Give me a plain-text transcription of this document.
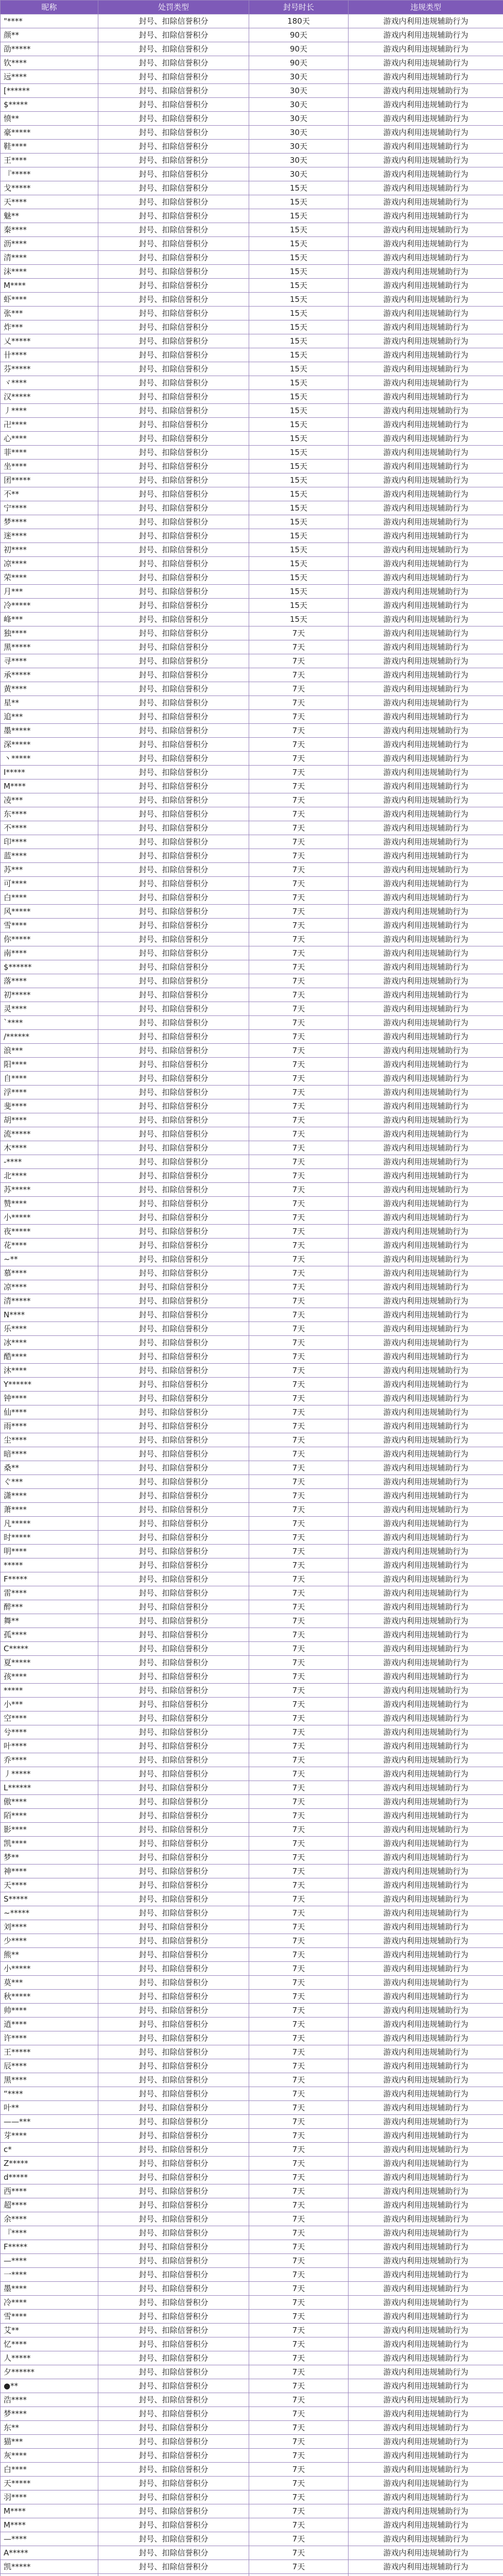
昵称	处罚类型	封号时长	违规类型
"****	封号、扣除信誉积分	180天	游戏内利用违规辅助行为
颜**	封号、扣除信誉积分	90天	游戏内利用违规辅助行为
劭*****	封号、扣除信誉积分	90天	游戏内利用违规辅助行为
钦****	封号、扣除信誉积分	90天	游戏内利用违规辅助行为
远****	封号、扣除信誉积分	30天	游戏内利用违规辅助行为
[******	封号、扣除信誉积分	30天	游戏内利用违规辅助行为
$*****	封号、扣除信誉积分	30天	游戏内利用违规辅助行为
愤**	封号、扣除信誉积分	30天	游戏内利用违规辅助行为
豪*****	封号、扣除信誉积分	30天	游戏内利用违规辅助行为
鞋****	封号、扣除信誉积分	30天	游戏内利用违规辅助行为
王****	封号、扣除信誉积分	30天	游戏内利用违规辅助行为
『*****	封号、扣除信誉积分	30天	游戏内利用违规辅助行为
戈*****	封号、扣除信誉积分	15天	游戏内利用违规辅助行为
天****	封号、扣除信誉积分	15天	游戏内利用违规辅助行为
魅**	封号、扣除信誉积分	15天	游戏内利用违规辅助行为
秦****	封号、扣除信誉积分	15天	游戏内利用违规辅助行为
沥****	封号、扣除信誉积分	15天	游戏内利用违规辅助行为
清****	封号、扣除信誉积分	15天	游戏内利用违规辅助行为
沫****	封号、扣除信誉积分	15天	游戏内利用违规辅助行为
M****	封号、扣除信誉积分	15天	游戏内利用违规辅助行为
虾****	封号、扣除信誉积分	15天	游戏内利用违规辅助行为
张***	封号、扣除信誉积分	15天	游戏内利用违规辅助行为
炸***	封号、扣除信誉积分	15天	游戏内利用违规辅助行为
乂*****	封号、扣除信誉积分	15天	游戏内利用违规辅助行为
卄****	封号、扣除信誉积分	15天	游戏内利用违规辅助行为
芬*****	封号、扣除信誉积分	15天	游戏内利用违规辅助行为
ヾ****	封号、扣除信誉积分	15天	游戏内利用违规辅助行为
汉*****	封号、扣除信誉积分	15天	游戏内利用违规辅助行为
丿****	封号、扣除信誉积分	15天	游戏内利用违规辅助行为
卍****	封号、扣除信誉积分	15天	游戏内利用违规辅助行为
心****	封号、扣除信誉积分	15天	游戏内利用违规辅助行为
菲****	封号、扣除信誉积分	15天	游戏内利用违规辅助行为
坐****	封号、扣除信誉积分	15天	游戏内利用违规辅助行为
团*****	封号、扣除信誉积分	15天	游戏内利用违规辅助行为
不**	封号、扣除信誉积分	15天	游戏内利用违规辅助行为
宁****	封号、扣除信誉积分	15天	游戏内利用违规辅助行为
梦****	封号、扣除信誉积分	15天	游戏内利用违规辅助行为
迷****	封号、扣除信誉积分	15天	游戏内利用违规辅助行为
初****	封号、扣除信誉积分	15天	游戏内利用违规辅助行为
凉****	封号、扣除信誉积分	15天	游戏内利用违规辅助行为
荣****	封号、扣除信誉积分	15天	游戏内利用违规辅助行为
月***	封号、扣除信誉积分	15天	游戏内利用违规辅助行为
冷*****	封号、扣除信誉积分	15天	游戏内利用违规辅助行为
峰***	封号、扣除信誉积分	15天	游戏内利用违规辅助行为
独****	封号、扣除信誉积分	7天	游戏内利用违规辅助行为
黑*****	封号、扣除信誉积分	7天	游戏内利用违规辅助行为
寻****	封号、扣除信誉积分	7天	游戏内利用违规辅助行为
承*****	封号、扣除信誉积分	7天	游戏内利用违规辅助行为
黄****	封号、扣除信誉积分	7天	游戏内利用违规辅助行为
星**	封号、扣除信誉积分	7天	游戏内利用违规辅助行为
追***	封号、扣除信誉积分	7天	游戏内利用违规辅助行为
墨*****	封号、扣除信誉积分	7天	游戏内利用违规辅助行为
深*****	封号、扣除信誉积分	7天	游戏内利用违规辅助行为
丶*****	封号、扣除信誉积分	7天	游戏内利用违规辅助行为
I*****	封号、扣除信誉积分	7天	游戏内利用违规辅助行为
M****	封号、扣除信誉积分	7天	游戏内利用违规辅助行为
凌***	封号、扣除信誉积分	7天	游戏内利用违规辅助行为
东****	封号、扣除信誉积分	7天	游戏内利用违规辅助行为
不****	封号、扣除信誉积分	7天	游戏内利用违规辅助行为
印****	封号、扣除信誉积分	7天	游戏内利用违规辅助行为
蓝****	封号、扣除信誉积分	7天	游戏内利用违规辅助行为
苏***	封号、扣除信誉积分	7天	游戏内利用违规辅助行为
可****	封号、扣除信誉积分	7天	游戏内利用违规辅助行为
白****	封号、扣除信誉积分	7天	游戏内利用违规辅助行为
风*****	封号、扣除信誉积分	7天	游戏内利用违规辅助行为
雪****	封号、扣除信誉积分	7天	游戏内利用违规辅助行为
你*****	封号、扣除信誉积分	7天	游戏内利用违规辅助行为
南****	封号、扣除信誉积分	7天	游戏内利用违规辅助行为
$******	封号、扣除信誉积分	7天	游戏内利用违规辅助行为
落****	封号、扣除信誉积分	7天	游戏内利用违规辅助行为
初*****	封号、扣除信誉积分	7天	游戏内利用违规辅助行为
灵****	封号、扣除信誉积分	7天	游戏内利用违规辅助行为
`****	封号、扣除信誉积分	7天	游戏内利用违规辅助行为
/******	封号、扣除信誉积分	7天	游戏内利用违规辅助行为
浪***	封号、扣除信誉积分	7天	游戏内利用违规辅助行为
阳****	封号、扣除信誉积分	7天	游戏内利用违规辅助行为
自****	封号、扣除信誉积分	7天	游戏内利用违规辅助行为
浮****	封号、扣除信誉积分	7天	游戏内利用违规辅助行为
斐****	封号、扣除信誉积分	7天	游戏内利用违规辅助行为
胡****	封号、扣除信誉积分	7天	游戏内利用违规辅助行为
流*****	封号、扣除信誉积分	7天	游戏内利用违规辅助行为
木****	封号、扣除信誉积分	7天	游戏内利用违规辅助行为
-****	封号、扣除信誉积分	7天	游戏内利用违规辅助行为
北****	封号、扣除信誉积分	7天	游戏内利用违规辅助行为
苏*****	封号、扣除信誉积分	7天	游戏内利用违规辅助行为
赞****	封号、扣除信誉积分	7天	游戏内利用违规辅助行为
小*****	封号、扣除信誉积分	7天	游戏内利用违规辅助行为
夜*****	封号、扣除信誉积分	7天	游戏内利用违规辅助行为
花****	封号、扣除信誉积分	7天	游戏内利用违规辅助行为
~**	封号、扣除信誉积分	7天	游戏内利用违规辅助行为
慕****	封号、扣除信誉积分	7天	游戏内利用违规辅助行为
凉****	封号、扣除信誉积分	7天	游戏内利用违规辅助行为
清*****	封号、扣除信誉积分	7天	游戏内利用违规辅助行为
N****	封号、扣除信誉积分	7天	游戏内利用违规辅助行为
乐****	封号、扣除信誉积分	7天	游戏内利用违规辅助行为
冰****	封号、扣除信誉积分	7天	游戏内利用违规辅助行为
酷****	封号、扣除信誉积分	7天	游戏内利用违规辅助行为
沐****	封号、扣除信誉积分	7天	游戏内利用违规辅助行为
Y******	封号、扣除信誉积分	7天	游戏内利用违规辅助行为
钟****	封号、扣除信誉积分	7天	游戏内利用违规辅助行为
仙****	封号、扣除信誉积分	7天	游戏内利用违规辅助行为
雨****	封号、扣除信誉积分	7天	游戏内利用违规辅助行为
尘****	封号、扣除信誉积分	7天	游戏内利用违规辅助行为
暗****	封号、扣除信誉积分	7天	游戏内利用违规辅助行为
桑**	封号、扣除信誉积分	7天	游戏内利用违规辅助行为
ぐ***	封号、扣除信誉积分	7天	游戏内利用违规辅助行为
潇****	封号、扣除信誉积分	7天	游戏内利用违规辅助行为
萧****	封号、扣除信誉积分	7天	游戏内利用违规辅助行为
凡*****	封号、扣除信誉积分	7天	游戏内利用违规辅助行为
时*****	封号、扣除信誉积分	7天	游戏内利用违规辅助行为
明****	封号、扣除信誉积分	7天	游戏内利用违规辅助行为
*****	封号、扣除信誉积分	7天	游戏内利用违规辅助行为
F*****	封号、扣除信誉积分	7天	游戏内利用违规辅助行为
雷****	封号、扣除信誉积分	7天	游戏内利用违规辅助行为
醉***	封号、扣除信誉积分	7天	游戏内利用违规辅助行为
舞**	封号、扣除信誉积分	7天	游戏内利用违规辅助行为
孤****	封号、扣除信誉积分	7天	游戏内利用违规辅助行为
C*****	封号、扣除信誉积分	7天	游戏内利用违规辅助行为
夏*****	封号、扣除信誉积分	7天	游戏内利用违规辅助行为
孩****	封号、扣除信誉积分	7天	游戏内利用违规辅助行为
*****	封号、扣除信誉积分	7天	游戏内利用违规辅助行为
小***	封号、扣除信誉积分	7天	游戏内利用违规辅助行为
空****	封号、扣除信誉积分	7天	游戏内利用违规辅助行为
兮****	封号、扣除信誉积分	7天	游戏内利用违规辅助行为
叶****	封号、扣除信誉积分	7天	游戏内利用违规辅助行为
乔****	封号、扣除信誉积分	7天	游戏内利用违规辅助行为
丿*****	封号、扣除信誉积分	7天	游戏内利用违规辅助行为
L******	封号、扣除信誉积分	7天	游戏内利用违规辅助行为
傲****	封号、扣除信誉积分	7天	游戏内利用违规辅助行为
陌****	封号、扣除信誉积分	7天	游戏内利用违规辅助行为
影****	封号、扣除信誉积分	7天	游戏内利用违规辅助行为
凯****	封号、扣除信誉积分	7天	游戏内利用违规辅助行为
梦**	封号、扣除信誉积分	7天	游戏内利用违规辅助行为
神****	封号、扣除信誉积分	7天	游戏内利用违规辅助行为
天****	封号、扣除信誉积分	7天	游戏内利用违规辅助行为
S*****	封号、扣除信誉积分	7天	游戏内利用违规辅助行为
~*****	封号、扣除信誉积分	7天	游戏内利用违规辅助行为
刘****	封号、扣除信誉积分	7天	游戏内利用违规辅助行为
少****	封号、扣除信誉积分	7天	游戏内利用违规辅助行为
熊**	封号、扣除信誉积分	7天	游戏内利用违规辅助行为
小*****	封号、扣除信誉积分	7天	游戏内利用违规辅助行为
莫***	封号、扣除信誉积分	7天	游戏内利用违规辅助行为
秋*****	封号、扣除信誉积分	7天	游戏内利用违规辅助行为
帅****	封号、扣除信誉积分	7天	游戏内利用违规辅助行为
逍****	封号、扣除信誉积分	7天	游戏内利用违规辅助行为
许****	封号、扣除信誉积分	7天	游戏内利用违规辅助行为
王*****	封号、扣除信誉积分	7天	游戏内利用违规辅助行为
辰****	封号、扣除信誉积分	7天	游戏内利用违规辅助行为
黑****	封号、扣除信誉积分	7天	游戏内利用违规辅助行为
“****	封号、扣除信誉积分	7天	游戏内利用违规辅助行为
叶**	封号、扣除信誉积分	7天	游戏内利用违规辅助行为
——***	封号、扣除信誉积分	7天	游戏内利用违规辅助行为
芽****	封号、扣除信誉积分	7天	游戏内利用违规辅助行为
c*	封号、扣除信誉积分	7天	游戏内利用违规辅助行为
Z*****	封号、扣除信誉积分	7天	游戏内利用违规辅助行为
d*****	封号、扣除信誉积分	7天	游戏内利用违规辅助行为
西****	封号、扣除信誉积分	7天	游戏内利用违规辅助行为
超****	封号、扣除信誉积分	7天	游戏内利用违规辅助行为
余****	封号、扣除信誉积分	7天	游戏内利用违规辅助行为
『****	封号、扣除信誉积分	7天	游戏内利用违规辅助行为
F*****	封号、扣除信誉积分	7天	游戏内利用违规辅助行为
—****	封号、扣除信誉积分	7天	游戏内利用违规辅助行为
一****	封号、扣除信誉积分	7天	游戏内利用违规辅助行为
墨****	封号、扣除信誉积分	7天	游戏内利用违规辅助行为
冷****	封号、扣除信誉积分	7天	游戏内利用违规辅助行为
雪****	封号、扣除信誉积分	7天	游戏内利用违规辅助行为
艾**	封号、扣除信誉积分	7天	游戏内利用违规辅助行为
忆****	封号、扣除信誉积分	7天	游戏内利用违规辅助行为
人*****	封号、扣除信誉积分	7天	游戏内利用违规辅助行为
夕******	封号、扣除信誉积分	7天	游戏内利用违规辅助行为
●**	封号、扣除信誉积分	7天	游戏内利用违规辅助行为
浩****	封号、扣除信誉积分	7天	游戏内利用违规辅助行为
梦****	封号、扣除信誉积分	7天	游戏内利用违规辅助行为
东**	封号、扣除信誉积分	7天	游戏内利用违规辅助行为
猫***	封号、扣除信誉积分	7天	游戏内利用违规辅助行为
灰****	封号、扣除信誉积分	7天	游戏内利用违规辅助行为
白****	封号、扣除信誉积分	7天	游戏内利用违规辅助行为
天*****	封号、扣除信誉积分	7天	游戏内利用违规辅助行为
羽****	封号、扣除信誉积分	7天	游戏内利用违规辅助行为
M****	封号、扣除信誉积分	7天	游戏内利用违规辅助行为
M****	封号、扣除信誉积分	7天	游戏内利用违规辅助行为
—****	封号、扣除信誉积分	7天	游戏内利用违规辅助行为
A*****	封号、扣除信誉积分	7天	游戏内利用违规辅助行为
凯*****	封号、扣除信誉积分	7天	游戏内利用违规辅助行为
